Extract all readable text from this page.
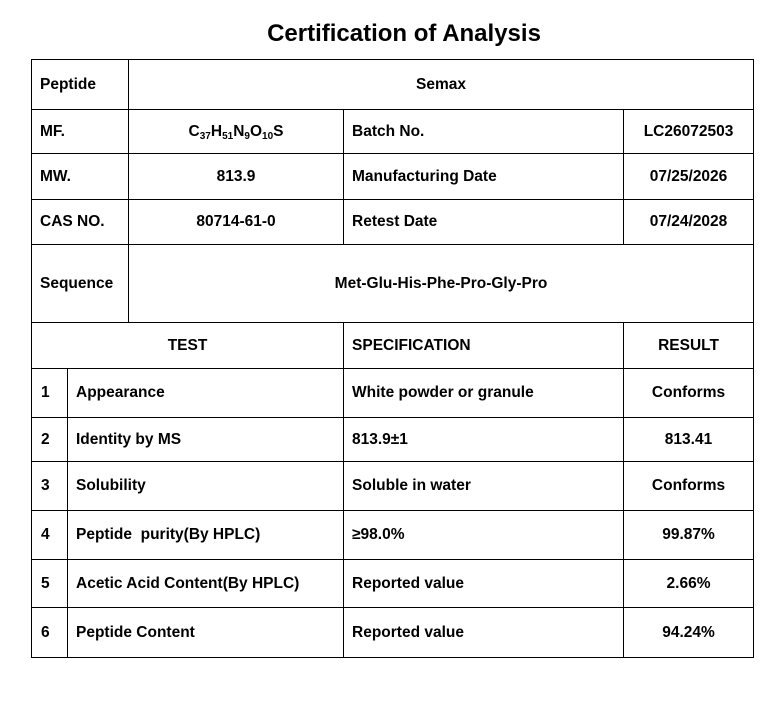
Certification of Analysis
Peptide		Semax		
MF.		$C_{37}H_{51}N_9O_{10}S$	Batch No.	LC26072503
MW.		813.9	Manufacturing Date	07/25/2026
CAS NO.		80714-61-0	Retest Date	07/24/2028
Sequence		Met-Glu-His-Phe-Pro-Gly-Pro		
TEST			SPECIFICATION	RESULT
1	Appearance		White powder or granule	Conforms
2	Identity by MS		813.9±1	813.41
3	Solubility		Soluble in water	Conforms
4	Peptide  purity(By HPLC)		≥98.0%	99.87%
5	Acetic Acid Content(By HPLC)		Reported value	2.66%
6	Peptide Content		Reported value	94.24%
